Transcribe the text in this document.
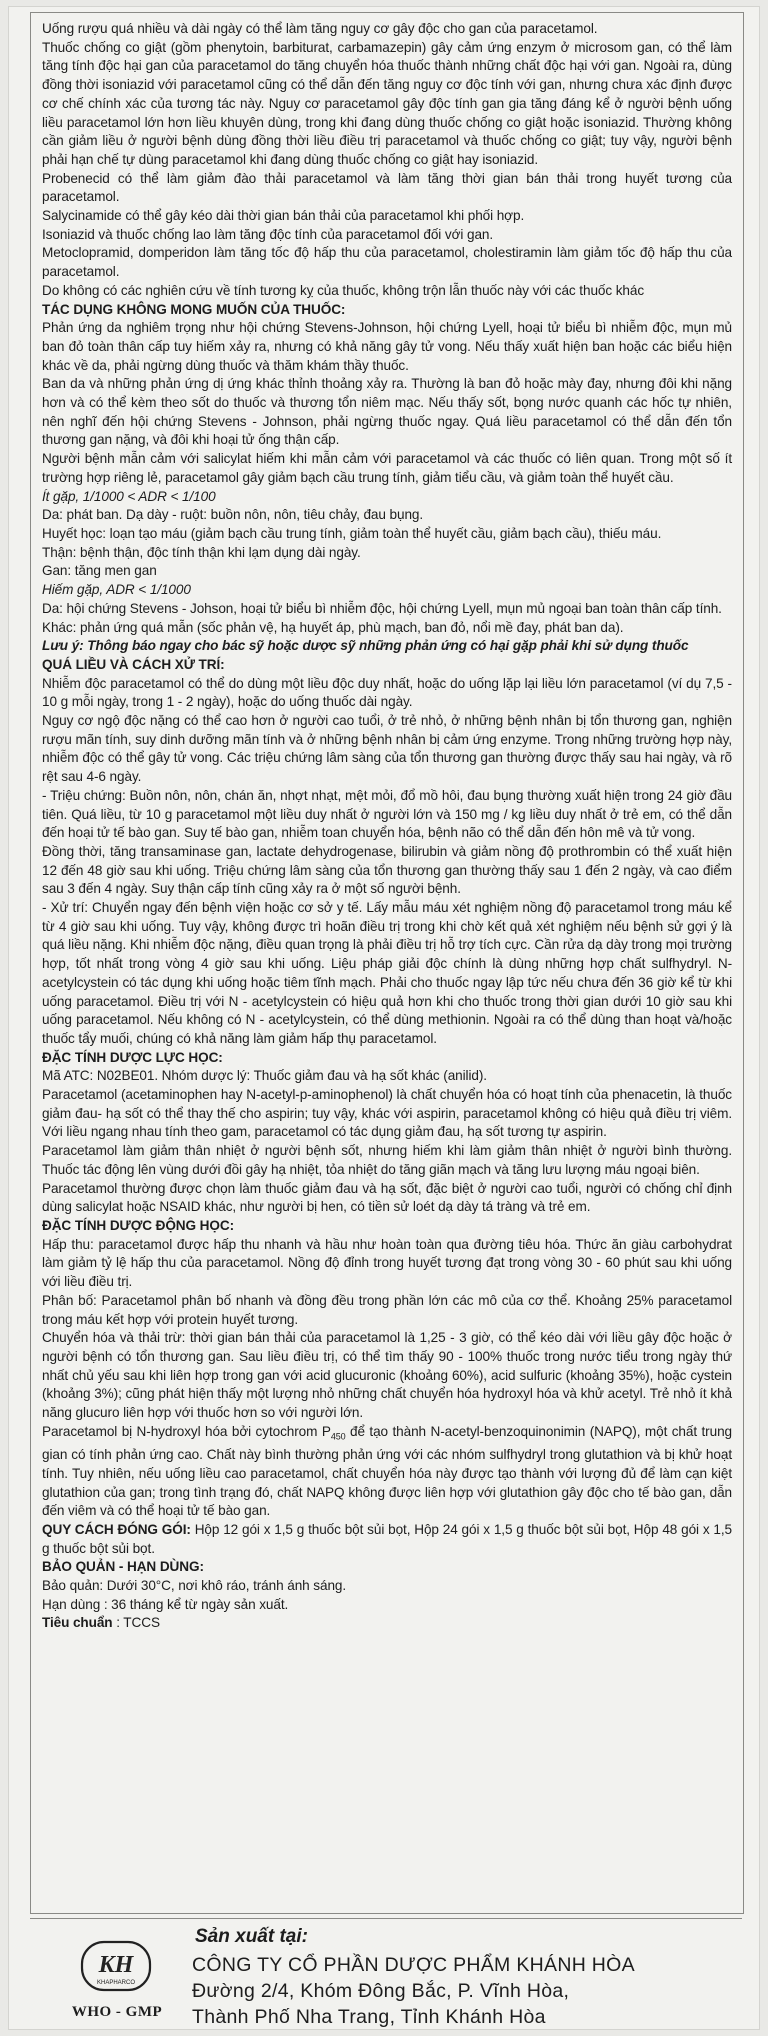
Uống rượu quá nhiều và dài ngày có thể làm tăng nguy cơ gây độc cho gan của paracetamol.

Thuốc chống co giật (gồm phenytoin, barbiturat, carbamazepin) gây cảm ứng enzym ở microsom gan, có thể làm tăng tính độc hại gan của paracetamol do tăng chuyển hóa thuốc thành những chất độc hại với gan. Ngoài ra, dùng đồng thời isoniazid với paracetamol cũng có thể dẫn đến tăng nguy cơ độc tính với gan, nhưng chưa xác định được cơ chế chính xác của tương tác này. Nguy cơ paracetamol gây độc tính gan gia tăng đáng kể ở người bệnh uống liều paracetamol lớn hơn liều khuyên dùng, trong khi đang dùng thuốc chống co giật hoặc isoniazid. Thường không cần giảm liều ở người bệnh dùng đồng thời liều điều trị paracetamol và thuốc chống co giật; tuy vậy, người bệnh phải hạn chế tự dùng paracetamol khi đang dùng thuốc chống co giật hay isoniazid.

Probenecid có thể làm giảm đào thải paracetamol và làm tăng thời gian bán thải trong huyết tương của paracetamol.

Salycinamide có thể gây kéo dài thời gian bán thải của paracetamol khi phối hợp.

Isoniazid và thuốc chống lao làm tăng độc tính của paracetamol đối với gan.

Metoclopramid, domperidon làm tăng tốc độ hấp thu của paracetamol, cholestiramin làm giảm tốc độ hấp thu của paracetamol.

Do không có các nghiên cứu về tính tương kỵ của thuốc, không trộn lẫn thuốc này với các thuốc khác

TÁC DỤNG KHÔNG MONG MUỐN CỦA THUỐC:

Phản ứng da nghiêm trọng như hội chứng Stevens-Johnson, hội chứng Lyell, hoại tử biểu bì nhiễm độc, mụn mủ ban đỏ toàn thân cấp tuy hiếm xảy ra, nhưng có khả năng gây tử vong. Nếu thấy xuất hiện ban hoặc các biểu hiện khác về da, phải ngừng dùng thuốc và thăm khám thầy thuốc.

Ban da và những phản ứng dị ứng khác thỉnh thoảng xảy ra. Thường là ban đỏ hoặc mày đay, nhưng đôi khi nặng hơn và có thể kèm theo sốt do thuốc và thương tổn niêm mạc. Nếu thấy sốt, bọng nước quanh các hốc tự nhiên, nên nghĩ đến hội chứng Stevens - Johnson, phải ngừng thuốc ngay. Quá liều paracetamol có thể dẫn đến tổn thương gan nặng, và đôi khi hoại tử ống thận cấp.

Người bệnh mẫn cảm với salicylat hiếm khi mẫn cảm với paracetamol và các thuốc có liên quan. Trong một số ít trường hợp riêng lẻ, paracetamol gây giảm bạch cầu trung tính, giảm tiểu cầu, và giảm toàn thể huyết cầu.

Ít gặp, 1/1000 < ADR < 1/100

Da: phát ban. Dạ dày - ruột: buồn nôn, nôn, tiêu chảy, đau bụng.

Huyết học: loạn tạo máu (giảm bạch cầu trung tính, giảm toàn thể huyết cầu, giảm bạch cầu), thiếu máu.

Thận: bệnh thận, độc tính thận khi lạm dụng dài ngày.

Gan: tăng men gan

Hiếm gặp, ADR < 1/1000

Da: hội chứng Stevens - Johson, hoại tử biểu bì nhiễm độc, hội chứng Lyell, mụn mủ ngoại ban toàn thân cấp tính.

Khác: phản ứng quá mẫn (sốc phản vệ, hạ huyết áp, phù mạch, ban đỏ, nổi mề đay, phát ban da).

Lưu ý: Thông báo ngay cho bác sỹ hoặc dược sỹ những phản ứng có hại gặp phải khi sử dụng thuốc

QUÁ LIỀU VÀ CÁCH XỬ TRÍ:

Nhiễm độc paracetamol có thể do dùng một liều độc duy nhất, hoặc do uống lặp lại liều lớn paracetamol (ví dụ 7,5 - 10 g mỗi ngày, trong 1 - 2 ngày), hoặc do uống thuốc dài ngày.

Nguy cơ ngộ độc nặng có thể cao hơn ở người cao tuổi, ở trẻ nhỏ, ở những bệnh nhân bị tổn thương gan, nghiện rượu mãn tính, suy dinh dưỡng mãn tính và ở những bệnh nhân bị cảm ứng enzyme. Trong những trường hợp này, nhiễm độc có thể gây tử vong. Các triệu chứng lâm sàng của tổn thương gan thường được thấy sau hai ngày, và rõ rệt sau 4-6 ngày.

- Triệu chứng: Buồn nôn, nôn, chán ăn, nhợt nhạt, mệt mỏi, đổ mồ hôi, đau bụng thường xuất hiện trong 24 giờ đầu tiên. Quá liều, từ 10 g paracetamol một liều duy nhất ở người lớn và 150 mg / kg liều duy nhất ở trẻ em, có thể dẫn đến hoại tử tế bào gan. Suy tế bào gan, nhiễm toan chuyển hóa, bệnh não có thể dẫn đến hôn mê và tử vong.

Đồng thời, tăng transaminase gan, lactate dehydrogenase, bilirubin và giảm nồng độ prothrombin có thể xuất hiện 12 đến 48 giờ sau khi uống. Triệu chứng lâm sàng của tổn thương gan thường thấy sau 1 đến 2 ngày, và cao điểm sau 3 đến 4 ngày. Suy thận cấp tính cũng xảy ra ở một số người bệnh.

- Xử trí: Chuyển ngay đến bệnh viện hoặc cơ sở y tế. Lấy mẫu máu xét nghiệm nồng độ paracetamol trong máu kể từ 4 giờ sau khi uống. Tuy vậy, không được trì hoãn điều trị trong khi chờ kết quả xét nghiệm nếu bệnh sử gợi ý là quá liều nặng. Khi nhiễm độc nặng, điều quan trọng là phải điều trị hỗ trợ tích cực. Cần rửa dạ dày trong mọi trường hợp, tốt nhất trong vòng 4 giờ sau khi uống. Liệu pháp giải độc chính là dùng những hợp chất sulfhydryl. N-acetylcystein có tác dụng khi uống hoặc tiêm tĩnh mạch. Phải cho thuốc ngay lập tức nếu chưa đến 36 giờ kể từ khi uống paracetamol. Điều trị với N - acetylcystein có hiệu quả hơn khi cho thuốc trong thời gian dưới 10 giờ sau khi uống paracetamol. Nếu không có N - acetylcystein, có thể dùng methionin. Ngoài ra có thể dùng than hoạt và/hoặc thuốc tẩy muối, chúng có khả năng làm giảm hấp thụ paracetamol.

ĐẶC TÍNH DƯỢC LỰC HỌC:

Mã ATC: N02BE01. Nhóm dược lý: Thuốc giảm đau và hạ sốt khác (anilid).

Paracetamol (acetaminophen hay N-acetyl-p-aminophenol) là chất chuyển hóa có hoạt tính của phenacetin, là thuốc giảm đau- hạ sốt có thể thay thế cho aspirin; tuy vậy, khác với aspirin, paracetamol không có hiệu quả điều trị viêm. Với liều ngang nhau tính theo gam, paracetamol có tác dụng giảm đau, hạ sốt tương tự aspirin.

Paracetamol làm giảm thân nhiệt ở người bệnh sốt, nhưng hiếm khi làm giảm thân nhiệt ở người bình thường. Thuốc tác động lên vùng dưới đồi gây hạ nhiệt, tỏa nhiệt do tăng giãn mạch và tăng lưu lượng máu ngoại biên.

Paracetamol thường được chọn làm thuốc giảm đau và hạ sốt, đặc biệt ở người cao tuổi, người có chống chỉ định dùng salicylat hoặc NSAID khác, như người bị hen, có tiền sử loét dạ dày tá tràng và trẻ em.

ĐẶC TÍNH DƯỢC ĐỘNG HỌC:

Hấp thu: paracetamol được hấp thu nhanh và hầu như hoàn toàn qua đường tiêu hóa. Thức ăn giàu carbohydrat làm giảm tỷ lệ hấp thu của paracetamol. Nồng độ đỉnh trong huyết tương đạt trong vòng 30 - 60 phút sau khi uống với liều điều trị.

Phân bố: Paracetamol phân bố nhanh và đồng đều trong phần lớn các mô của cơ thể. Khoảng 25% paracetamol trong máu kết hợp với protein huyết tương.

Chuyển hóa và thải trừ: thời gian bán thải của paracetamol là 1,25 - 3 giờ, có thể kéo dài với liều gây độc hoặc ở người bệnh có tổn thương gan. Sau liều điều trị, có thể tìm thấy 90 - 100% thuốc trong nước tiểu trong ngày thứ nhất chủ yếu sau khi liên hợp trong gan với acid glucuronic (khoảng 60%), acid sulfuric (khoảng 35%), hoặc cystein (khoảng 3%); cũng phát hiện thấy một lượng nhỏ những chất chuyển hóa hydroxyl hóa và khử acetyl. Trẻ nhỏ ít khả năng glucuro liên hợp với thuốc hơn so với người lớn.

Paracetamol bị N-hydroxyl hóa bởi cytochrom $P_{450}$ để tạo thành N-acetyl-benzoquinonimin (NAPQ), một chất trung gian có tính phản ứng cao. Chất này bình thường phản ứng với các nhóm sulfhydryl trong glutathion và bị khử hoạt tính. Tuy nhiên, nếu uống liều cao paracetamol, chất chuyển hóa này được tạo thành với lượng đủ để làm cạn kiệt glutathion của gan; trong tình trạng đó, chất NAPQ không được liên hợp với glutathion gây độc cho tế bào gan, dẫn đến viêm và có thể hoại tử tế bào gan.

QUY CÁCH ĐÓNG GÓI: Hộp 12 gói x 1,5 g thuốc bột sủi bọt, Hộp 24 gói x 1,5 g thuốc bột sủi bọt, Hộp 48 gói x 1,5 g thuốc bột sủi bọt.

BẢO QUẢN - HẠN DÙNG:

Bảo quản: Dưới 30°C, nơi khô ráo, tránh ánh sáng.

Hạn dùng : 36 tháng kể từ ngày sản xuất.

Tiêu chuẩn : TCCS

KH
KHAPHARCO
WHO - GMP
Sản xuất tại:
CÔNG TY CỔ PHẦN DƯỢC PHẨM KHÁNH HÒA
Đường 2/4, Khóm Đông Bắc, P. Vĩnh Hòa,
Thành Phố Nha Trang, Tỉnh Khánh Hòa
